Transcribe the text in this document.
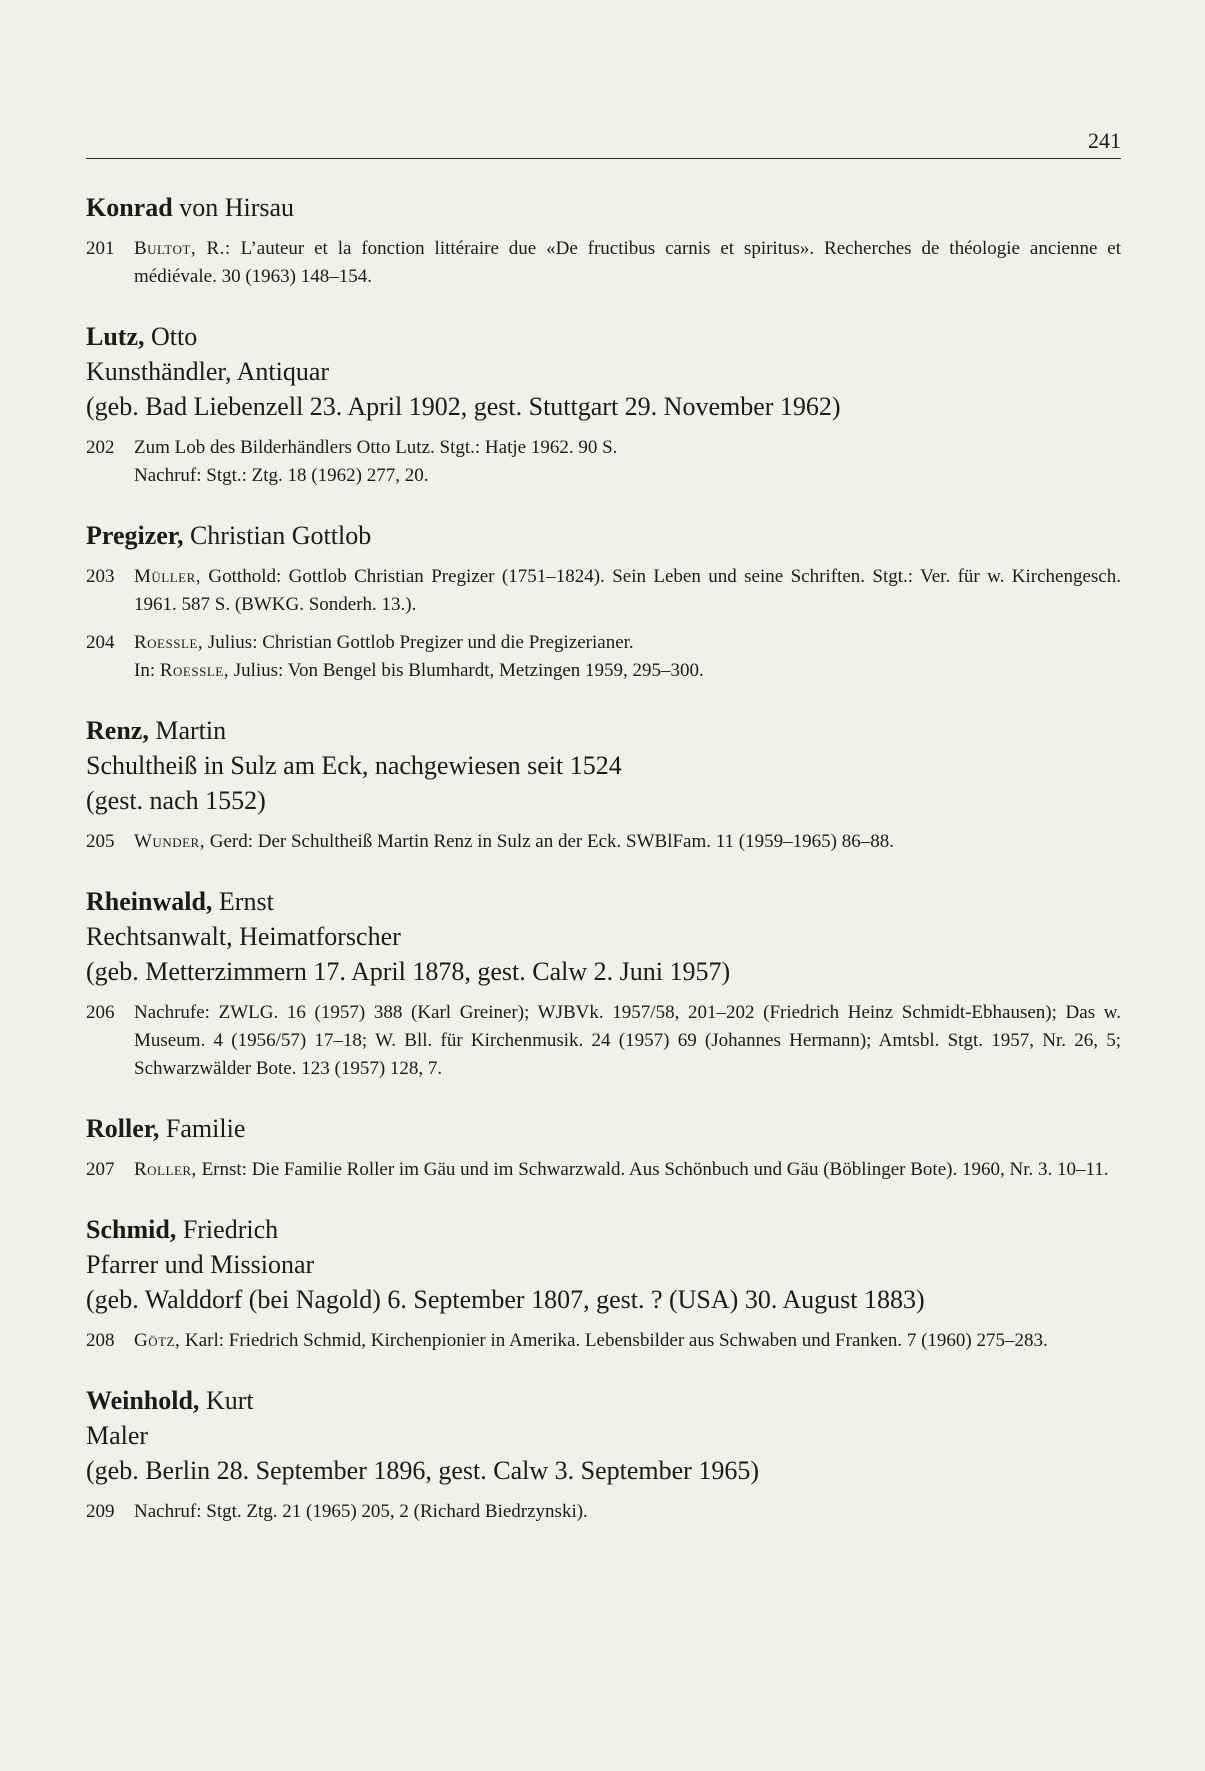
241
Konrad von Hirsau
201	Bultot, R.: L’auteur et la fonction littéraire due «De fructibus carnis et spiritus». Recherches de théologie ancienne et médiévale. 30 (1963) 148–154.
Lutz, Otto
Kunsthändler, Antiquar
(geb. Bad Liebenzell 23. April 1902, gest. Stuttgart 29. November 1962)
202	Zum Lob des Bilderhändlers Otto Lutz. Stgt.: Hatje 1962. 90 S.
Nachruf: Stgt.: Ztg. 18 (1962) 277, 20.
Pregizer, Christian Gottlob
203	Müller, Gotthold: Gottlob Christian Pregizer (1751–1824). Sein Leben und seine Schriften. Stgt.: Ver. für w. Kirchengesch. 1961. 587 S. (BWKG. Sonderh. 13.).
204	Roessle, Julius: Christian Gottlob Pregizer und die Pregizerianer.
In: Roessle, Julius: Von Bengel bis Blumhardt, Metzingen 1959, 295–300.
Renz, Martin
Schultheiß in Sulz am Eck, nachgewiesen seit 1524
(gest. nach 1552)
205	Wunder, Gerd: Der Schultheiß Martin Renz in Sulz an der Eck. SWBlFam. 11 (1959–1965) 86–88.
Rheinwald, Ernst
Rechtsanwalt, Heimatforscher
(geb. Metterzimmern 17. April 1878, gest. Calw 2. Juni 1957)
206	Nachrufe: ZWLG. 16 (1957) 388 (Karl Greiner); WJBVk. 1957/58, 201–202 (Friedrich Heinz Schmidt-Ebhausen); Das w. Museum. 4 (1956/57) 17–18; W. Bll. für Kirchenmusik. 24 (1957) 69 (Johannes Hermann); Amtsbl. Stgt. 1957, Nr. 26, 5; Schwarzwälder Bote. 123 (1957) 128, 7.
Roller, Familie
207	Roller, Ernst: Die Familie Roller im Gäu und im Schwarzwald. Aus Schönbuch und Gäu (Böblinger Bote). 1960, Nr. 3. 10–11.
Schmid, Friedrich
Pfarrer und Missionar
(geb. Walddorf (bei Nagold) 6. September 1807, gest. ? (USA) 30. August 1883)
208	Götz, Karl: Friedrich Schmid, Kirchenpionier in Amerika. Lebensbilder aus Schwaben und Franken. 7 (1960) 275–283.
Weinhold, Kurt
Maler
(geb. Berlin 28. September 1896, gest. Calw 3. September 1965)
209	Nachruf: Stgt. Ztg. 21 (1965) 205, 2 (Richard Biedrzynski).
